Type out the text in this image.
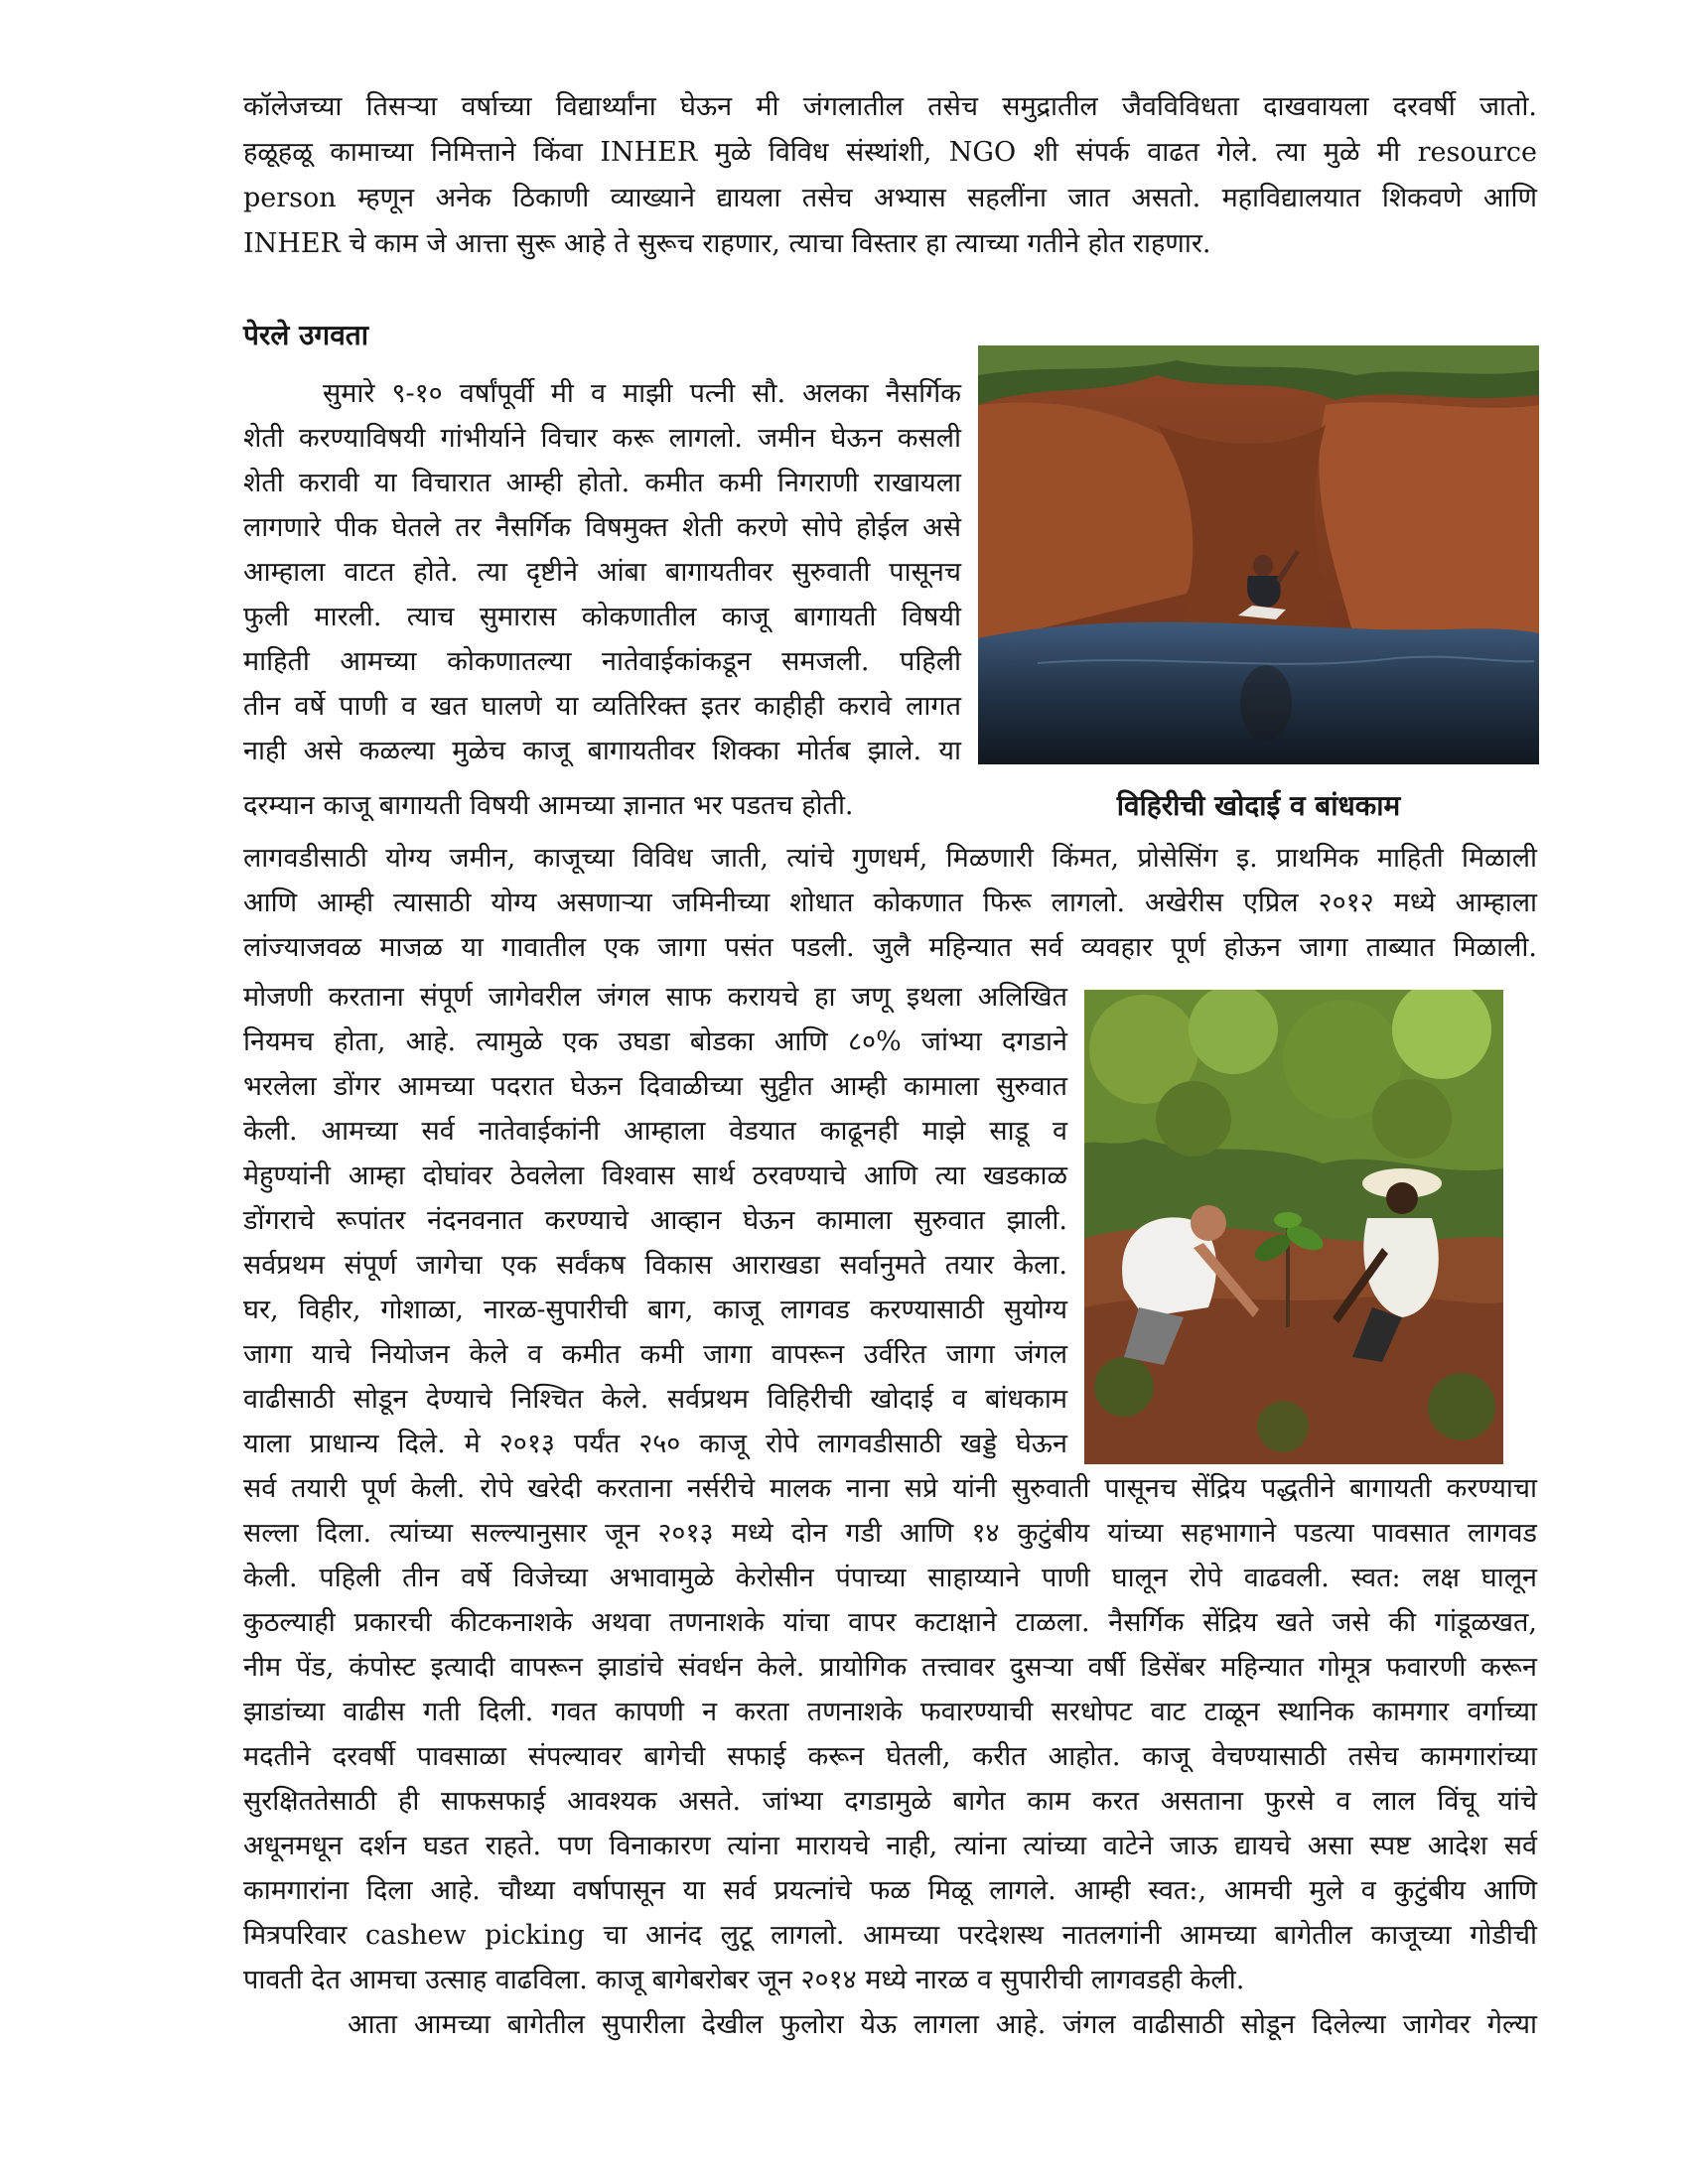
कॉलेजच्या तिसऱ्या वर्षाच्या विद्यार्थ्यांना घेऊन मी जंगलातील तसेच समुद्रातील जैवविविधता दाखवायला दरवर्षी जातो.
हळूहळू कामाच्या निमित्ताने किंवा INHER मुळे विविध संस्थांशी, NGO शी संपर्क वाढत गेले. त्या मुळे मी resource
person म्हणून अनेक ठिकाणी व्याख्याने द्यायला तसेच अभ्यास सहलींना जात असतो. महाविद्यालयात शिकवणे आणि
INHER चे काम जे आत्ता सुरू आहे ते सुरूच राहणार, त्याचा विस्तार हा त्याच्या गतीने होत राहणार.
पेरले उगवता
सुमारे ९-१० वर्षांपूर्वी मी व माझी पत्नी सौ. अलका नैसर्गिक
शेती करण्याविषयी गांभीर्याने विचार करू लागलो. जमीन घेऊन कसली
शेती करावी या विचारात आम्ही होतो. कमीत कमी निगराणी राखायला
लागणारे पीक घेतले तर नैसर्गिक विषमुक्त शेती करणे सोपे होईल असे
आम्हाला वाटत होते. त्या दृष्टीने आंबा बागायतीवर सुरुवाती पासूनच
फुली मारली. त्याच सुमारास कोकणातील काजू बागायती विषयी
माहिती आमच्या कोकणातल्या नातेवाईकांकडून समजली. पहिली
तीन वर्षे पाणी व खत घालणे या व्यतिरिक्त इतर काहीही करावे लागत
नाही असे कळल्या मुळेच काजू बागायतीवर शिक्का मोर्तब झाले. या
दरम्यान काजू बागायती विषयी आमच्या ज्ञानात भर पडतच होती.	विहिरीची खोदाई व बांधकाम
लागवडीसाठी योग्य जमीन, काजूच्या विविध जाती, त्यांचे गुणधर्म, मिळणारी किंमत, प्रोसेसिंग इ. प्राथमिक माहिती मिळाली
आणि आम्ही त्यासाठी योग्य असणाऱ्या जमिनीच्या शोधात कोकणात फिरू लागलो. अखेरीस एप्रिल २०१२ मध्ये आम्हाला
लांज्याजवळ माजळ या गावातील एक जागा पसंत पडली. जुलै महिन्यात सर्व व्यवहार पूर्ण होऊन जागा ताब्यात मिळाली.
मोजणी करताना संपूर्ण जागेवरील जंगल साफ करायचे हा जणू इथला अलिखित
नियमच होता, आहे. त्यामुळे एक उघडा बोडका आणि ८०% जांभ्या दगडाने
भरलेला डोंगर आमच्या पदरात घेऊन दिवाळीच्या सुट्टीत आम्ही कामाला सुरुवात
केली. आमच्या सर्व नातेवाईकांनी आम्हाला वेडयात काढूनही माझे साडू व
मेहुण्यांनी आम्हा दोघांवर ठेवलेला विश्वास सार्थ ठरवण्याचे आणि त्या खडकाळ
डोंगराचे रूपांतर नंदनवनात करण्याचे आव्हान घेऊन कामाला सुरुवात झाली.
सर्वप्रथम संपूर्ण जागेचा एक सर्वंकष विकास आराखडा सर्वानुमते तयार केला.
घर, विहीर, गोशाळा, नारळ-सुपारीची बाग, काजू लागवड करण्यासाठी सुयोग्य
जागा याचे नियोजन केले व कमीत कमी जागा वापरून उर्वरित जागा जंगल
वाढीसाठी सोडून देण्याचे निश्चित केले. सर्वप्रथम विहिरीची खोदाई व बांधकाम
याला प्राधान्य दिले. मे २०१३ पर्यंत २५० काजू रोपे लागवडीसाठी खड्डे घेऊन
सर्व तयारी पूर्ण केली. रोपे खरेदी करताना नर्सरीचे मालक नाना सप्रे यांनी सुरुवाती पासूनच सेंद्रिय पद्धतीने बागायती करण्याचा
सल्ला दिला. त्यांच्या सल्ल्यानुसार जून २०१३ मध्ये दोन गडी आणि १४ कुटुंबीय यांच्या सहभागाने पडत्या पावसात लागवड
केली. पहिली तीन वर्षे विजेच्या अभावामुळे केरोसीन पंपाच्या साहाय्याने पाणी घालून रोपे वाढवली. स्वत: लक्ष घालून
कुठल्याही प्रकारची कीटकनाशके अथवा तणनाशके यांचा वापर कटाक्षाने टाळला. नैसर्गिक सेंद्रिय खते जसे की गांडूळखत,
नीम पेंड, कंपोस्ट इत्यादी वापरून झाडांचे संवर्धन केले. प्रायोगिक तत्त्वावर दुसऱ्या वर्षी डिसेंबर महिन्यात गोमूत्र फवारणी करून
झाडांच्या वाढीस गती दिली. गवत कापणी न करता तणनाशके फवारण्याची सरधोपट वाट टाळून स्थानिक कामगार वर्गाच्या
मदतीने दरवर्षी पावसाळा संपल्यावर बागेची सफाई करून घेतली, करीत आहोत. काजू वेचण्यासाठी तसेच कामगारांच्या
सुरक्षिततेसाठी ही साफसफाई आवश्यक असते. जांभ्या दगडामुळे बागेत काम करत असताना फुरसे व लाल विंचू यांचे
अधूनमधून दर्शन घडत राहते. पण विनाकारण त्यांना मारायचे नाही, त्यांना त्यांच्या वाटेने जाऊ द्यायचे असा स्पष्ट आदेश सर्व
कामगारांना दिला आहे. चौथ्या वर्षापासून या सर्व प्रयत्नांचे फळ मिळू लागले. आम्ही स्वत:, आमची मुले व कुटुंबीय आणि
मित्रपरिवार cashew picking चा आनंद लुटू लागलो. आमच्या परदेशस्थ नातलगांनी आमच्या बागेतील काजूच्या गोडीची
पावती देत आमचा उत्साह वाढविला. काजू बागेबरोबर जून २०१४ मध्ये नारळ व सुपारीची लागवडही केली.
आता आमच्या बागेतील सुपारीला देखील फुलोरा येऊ लागला आहे. जंगल वाढीसाठी सोडून दिलेल्या जागेवर गेल्या
